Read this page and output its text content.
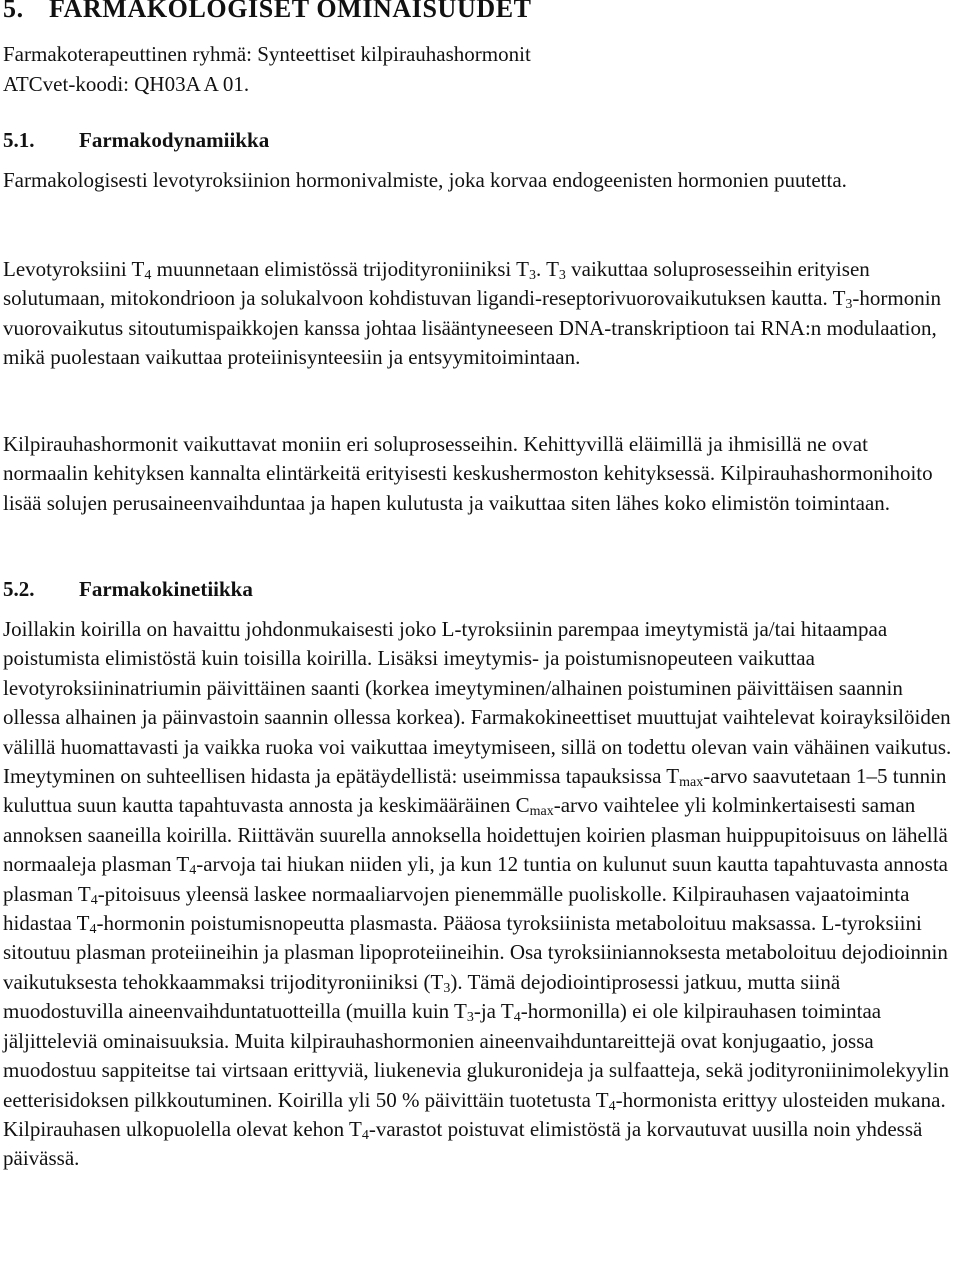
5. FARMAKOLOGISET OMINAISUUDET
Farmakoterapeuttinen ryhmä: Synteettiset kilpirauhashormonit
ATCvet-koodi: QH03A A 01.
5.1. Farmakodynamiikka

Farmakologisesti levotyroksiinion hormonivalmiste, joka korvaa endogeenisten hormonien puutetta.

Levotyroksiini $T_4$ muunnetaan elimistössä trijodityroniiniksi $T_3$. $T_3$ vaikuttaa soluprosesseihin erityisen solutumaan, mitokondrioon ja solukalvoon kohdistuvan ligandi-reseptorivuorovaikutuksen kautta. $T_3$-hormonin vuorovaikutus sitoutumispaikkojen kanssa johtaa lisääntyneeseen DNA-transkriptioon tai RNA:n modulaation, mikä puolestaan vaikuttaa proteiinisynteesiin ja entsyymitoimintaan.

Kilpirauhashormonit vaikuttavat moniin eri soluprosesseihin. Kehittyvillä eläimillä ja ihmisillä ne ovat normaalin kehityksen kannalta elintärkeitä erityisesti keskushermoston kehityksessä. Kilpirauhashormonihoito lisää solujen perusaineenvaihduntaa ja hapen kulutusta ja vaikuttaa siten lähes koko elimistön toimintaan.

5.2. Farmakokinetiikka

Joillakin koirilla on havaittu johdonmukaisesti joko L-tyroksiinin parempaa imeytymistä ja/tai hitaampaa poistumista elimistöstä kuin toisilla koirilla. Lisäksi imeytymis- ja poistumisnopeuteen vaikuttaa levotyroksiininatriumin päivittäinen saanti (korkea imeytyminen/alhainen poistuminen päivittäisen saannin ollessa alhainen ja päinvastoin saannin ollessa korkea). Farmakokineettiset muuttujat vaihtelevat koirayksilöiden välillä huomattavasti ja vaikka ruoka voi vaikuttaa imeytymiseen, sillä on todettu olevan vain vähäinen vaikutus. Imeytyminen on suhteellisen hidasta ja epätäydellistä: useimmissa tapauksissa $T_{max}$-arvo saavutetaan 1–5 tunnin kuluttua suun kautta tapahtuvasta annosta ja keskimääräinen $C_{max}$-arvo vaihtelee yli kolminkertaisesti saman annoksen saaneilla koirilla. Riittävän suurella annoksella hoidettujen koirien plasman huippupitoisuus on lähellä normaaleja plasman $T_4$-arvoja tai hiukan niiden yli, ja kun 12 tuntia on kulunut suun kautta tapahtuvasta annosta plasman $T_4$-pitoisuus yleensä laskee normaaliarvojen pienemmälle puoliskolle. Kilpirauhasen vajaatoiminta hidastaa $T_4$-hormonin poistumisnopeutta plasmasta. Pääosa tyroksiinista metaboloituu maksassa. L-tyroksiini sitoutuu plasman proteiineihin ja plasman lipoproteiineihin. Osa tyroksiiniannoksesta metaboloituu dejodioinnin vaikutuksesta tehokkaammaksi trijodityroniiniksi $(T_3)$. Tämä dejodiointiprosessi jatkuu, mutta siinä muodostuvilla aineenvaihduntatuotteilla (muilla kuin $T_3-ja$ $T_4-hormonilla$) ei ole kilpirauhasen toimintaa jäljitteleviä ominaisuuksia. Muita kilpirauhashormonien aineenvaihduntareittejä ovat konjugaatio, jossa muodostuu sappiteitse tai virtsaan erittyviä, liukenevia glukuronideja ja sulfaatteja, sekä jodityroniinimolekyylin eetterisidoksen pilkkoutuminen. Koirilla yli 50 % päivittäin tuotetusta $T_4$-hormonista erittyy ulosteiden mukana. Kilpirauhasen ulkopuolella olevat kehon $T_4$-varastot poistuvat elimistöstä ja korvautuvat uusilla noin yhdessä päivässä.
